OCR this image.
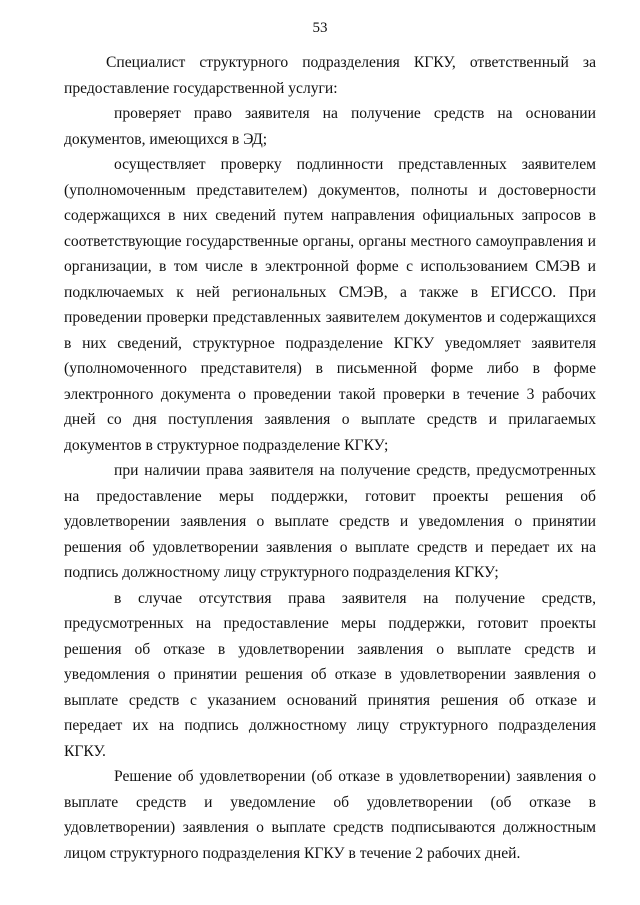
53

Специалист структурного подразделения КГКУ, ответственный за предоставление государственной услуги:

проверяет право заявителя на получение средств на основании документов, имеющихся в ЭД;

осуществляет проверку подлинности представленных заявителем (уполномоченным представителем) документов, полноты и достоверности содержащихся в них сведений путем направления официальных запросов в соответствующие государственные органы, органы местного самоуправления и организации, в том числе в электронной форме с использованием СМЭВ и подключаемых к ней региональных СМЭВ, а также в ЕГИССО. При проведении проверки представленных заявителем документов и содержащихся в них сведений, структурное подразделение КГКУ уведомляет заявителя (уполномоченного представителя) в письменной форме либо в форме электронного документа о проведении такой проверки в течение 3 рабочих дней со дня поступления заявления о выплате средств и прилагаемых документов в структурное подразделение КГКУ;

при наличии права заявителя на получение средств, предусмотренных на предоставление меры поддержки, готовит проекты решения об удовлетворении заявления о выплате средств и уведомления о принятии решения об удовлетворении заявления о выплате средств и передает их на подпись должностному лицу структурного подразделения КГКУ;

в случае отсутствия права заявителя на получение средств, предусмотренных на предоставление меры поддержки, готовит проекты решения об отказе в удовлетворении заявления о выплате средств и уведомления о принятии решения об отказе в удовлетворении заявления о выплате средств с указанием оснований принятия решения об отказе и передает их на подпись должностному лицу структурного подразделения КГКУ.

Решение об удовлетворении (об отказе в удовлетворении) заявления о выплате средств и уведомление об удовлетворении (об отказе в удовлетворении) заявления о выплате средств подписываются должностным лицом структурного подразделения КГКУ в течение 2 рабочих дней.
